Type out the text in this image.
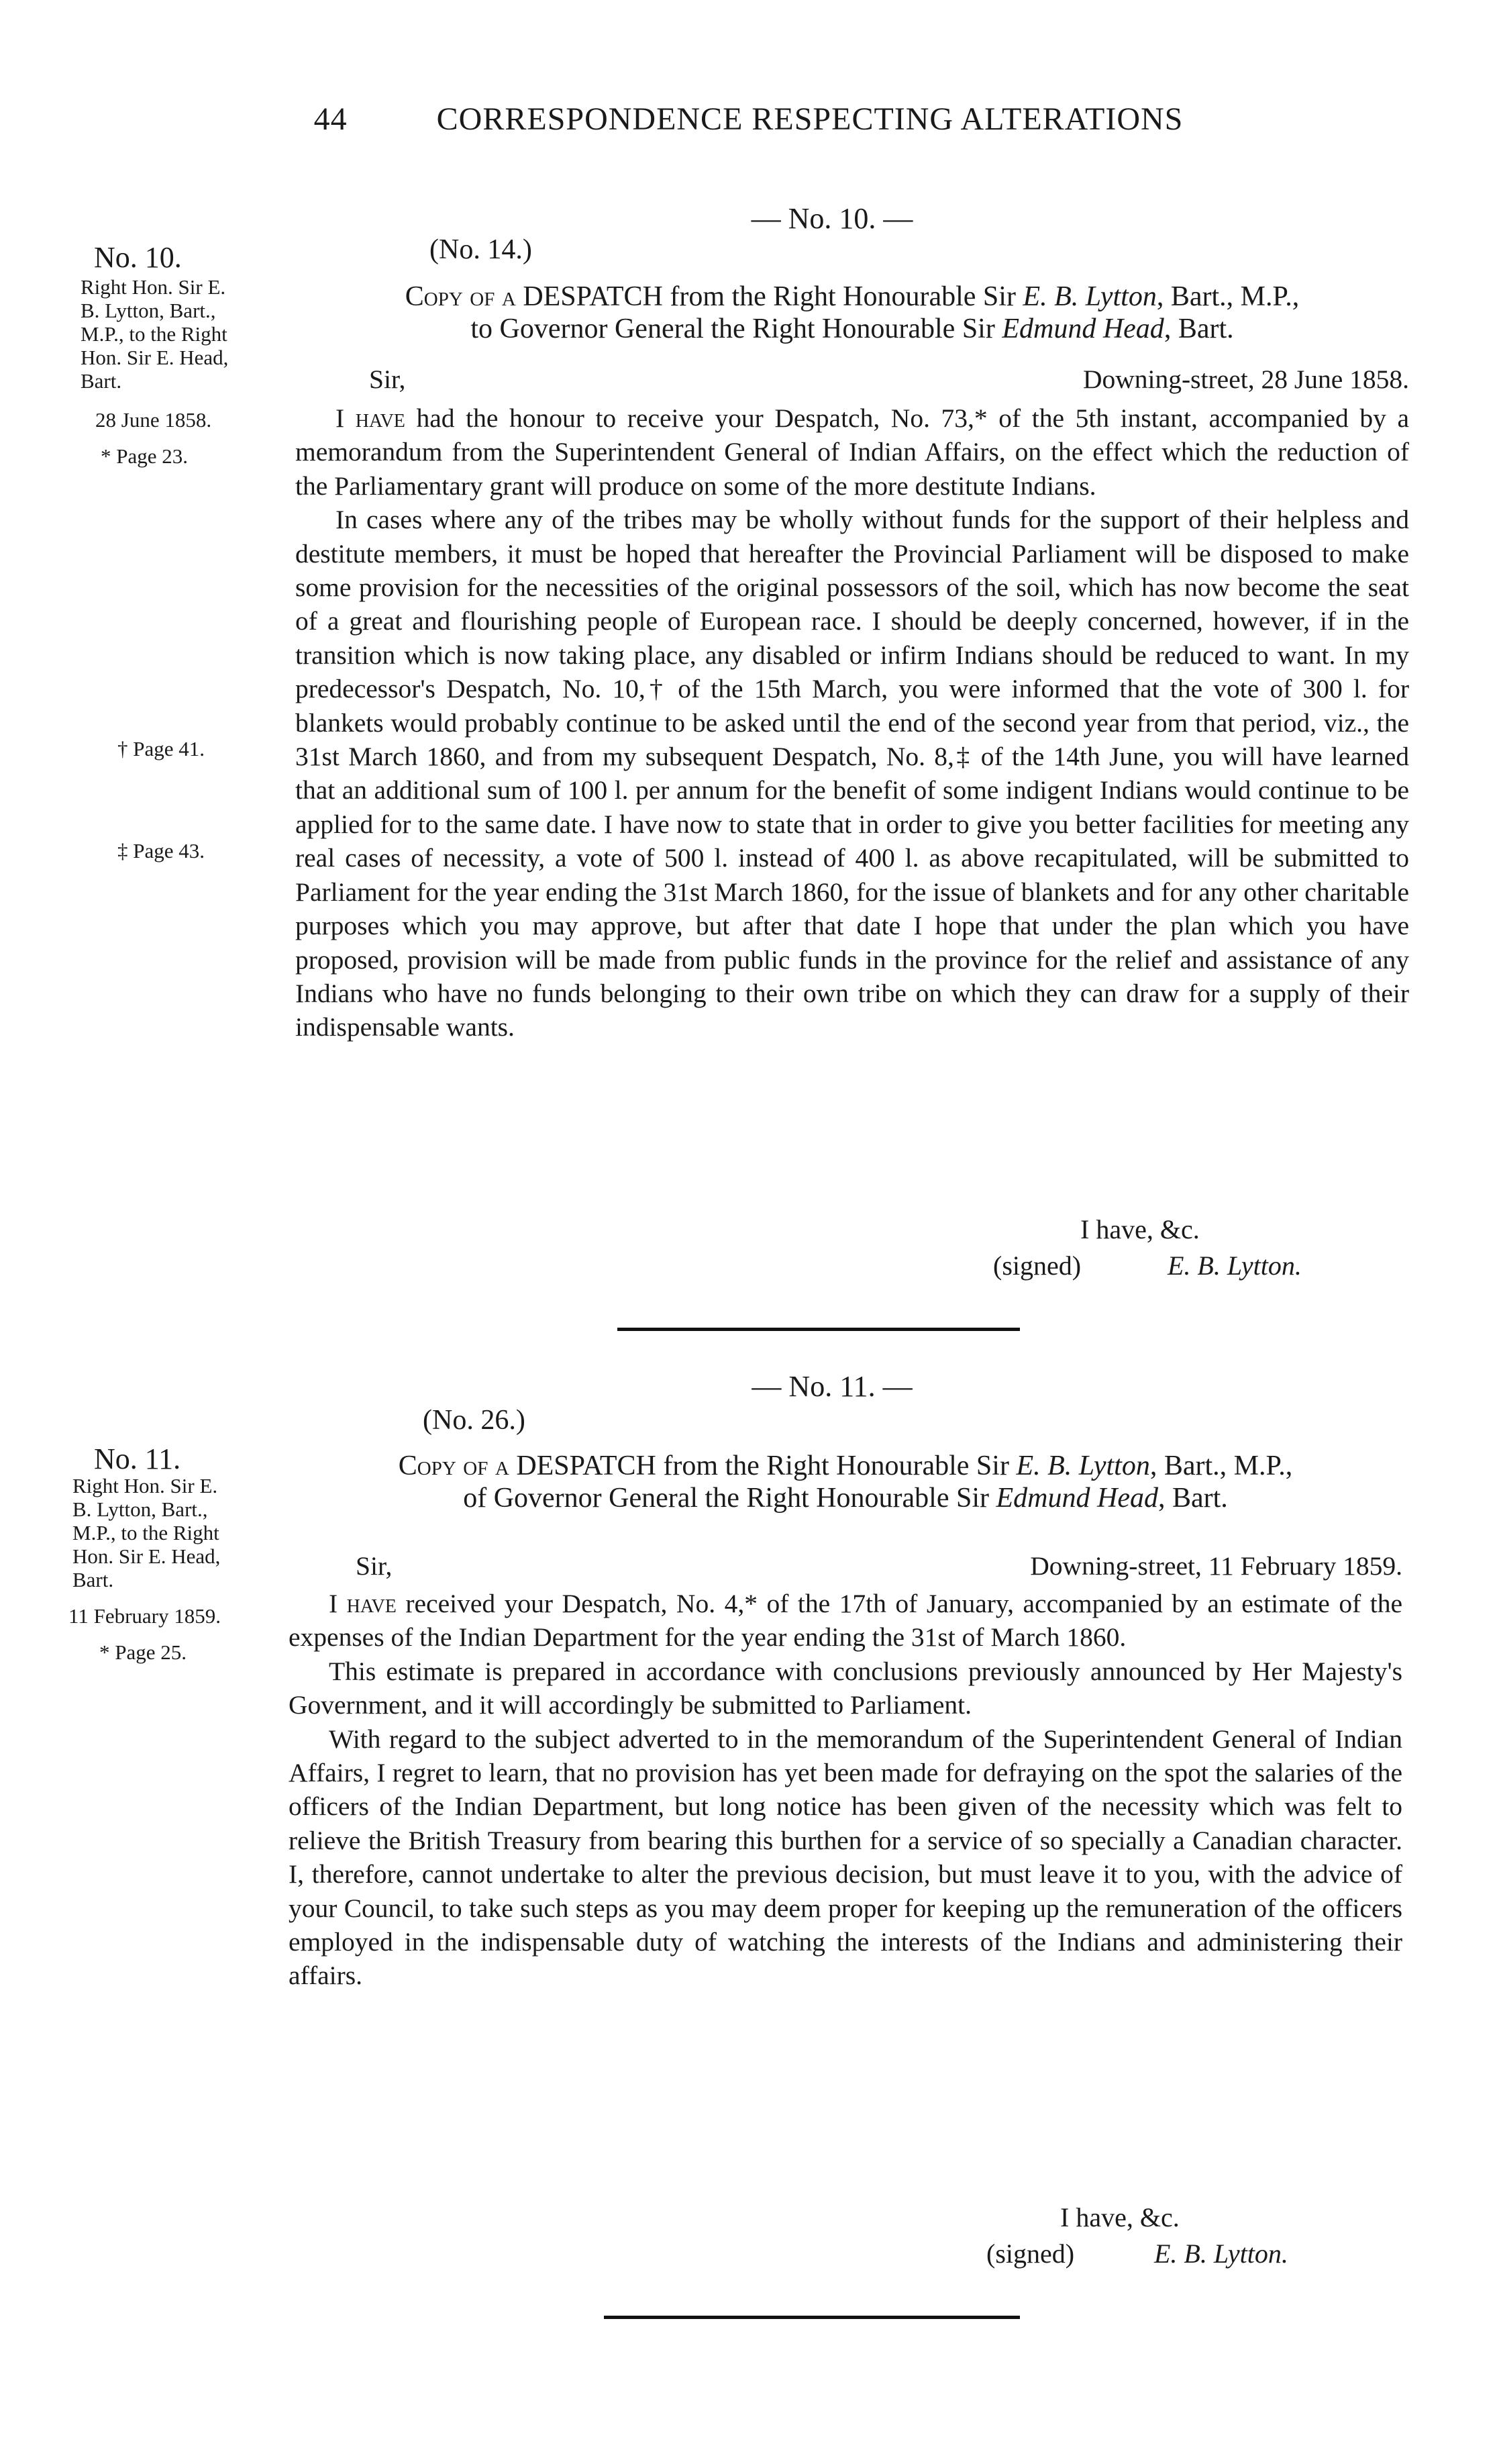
44	CORRESPONDENCE RESPECTING ALTERATIONS
— No. 10. —
No. 10.
Right Hon. Sir E.
B. Lytton, Bart.,
M.P., to the Right
Hon. Sir E. Head,
Bart.
28 June 1858.
* Page 23.
† Page 41.
‡ Page 43.
(No. 14.)
Copy of a DESPATCH from the Right Honourable Sir E. B. Lytton, Bart., M.P.,
to Governor General the Right Honourable Sir Edmund Head, Bart.
Sir,	Downing-street, 28 June 1858.

I have had the honour to receive your Despatch, No. 73,* of the 5th instant, accompanied by a memorandum from the Superintendent General of Indian Affairs, on the effect which the reduction of the Parliamentary grant will produce on some of the more destitute Indians.

In cases where any of the tribes may be wholly without funds for the support of their helpless and destitute members, it must be hoped that hereafter the Provincial Parliament will be disposed to make some provision for the necessities of the original possessors of the soil, which has now become the seat of a great and flourishing people of European race. I should be deeply concerned, however, if in the transition which is now taking place, any disabled or infirm Indians should be reduced to want. In my predecessor's Despatch, No. 10,† of the 15th March, you were informed that the vote of 300 l. for blankets would probably continue to be asked until the end of the second year from that period, viz., the 31st March 1860, and from my subsequent Despatch, No. 8,‡ of the 14th June, you will have learned that an additional sum of 100 l. per annum for the benefit of some indigent Indians would continue to be applied for to the same date. I have now to state that in order to give you better facilities for meeting any real cases of necessity, a vote of 500 l. instead of 400 l. as above recapitulated, will be submitted to Parliament for the year ending the 31st March 1860, for the issue of blankets and for any other charitable purposes which you may approve, but after that date I hope that under the plan which you have proposed, provision will be made from public funds in the province for the relief and assistance of any Indians who have no funds belonging to their own tribe on which they can draw for a supply of their indispensable wants.

I have, &c.
(signed)	E. B. Lytton.
— No. 11. —
No. 11.
Right Hon. Sir E.
B. Lytton, Bart.,
M.P., to the Right
Hon. Sir E. Head,
Bart.
11 February 1859.
* Page 25.
(No. 26.)
Copy of a DESPATCH from the Right Honourable Sir E. B. Lytton, Bart., M.P.,
of Governor General the Right Honourable Sir Edmund Head, Bart.
Sir,	Downing-street, 11 February 1859.

I have received your Despatch, No. 4,* of the 17th of January, accompanied by an estimate of the expenses of the Indian Department for the year ending the 31st of March 1860.

This estimate is prepared in accordance with conclusions previously announced by Her Majesty's Government, and it will accordingly be submitted to Parliament.

With regard to the subject adverted to in the memorandum of the Superintendent General of Indian Affairs, I regret to learn, that no provision has yet been made for defraying on the spot the salaries of the officers of the Indian Department, but long notice has been given of the necessity which was felt to relieve the British Treasury from bearing this burthen for a service of so specially a Canadian character. I, therefore, cannot undertake to alter the previous decision, but must leave it to you, with the advice of your Council, to take such steps as you may deem proper for keeping up the remuneration of the officers employed in the indispensable duty of watching the interests of the Indians and administering their affairs.

I have, &c.
(signed)	E. B. Lytton.
